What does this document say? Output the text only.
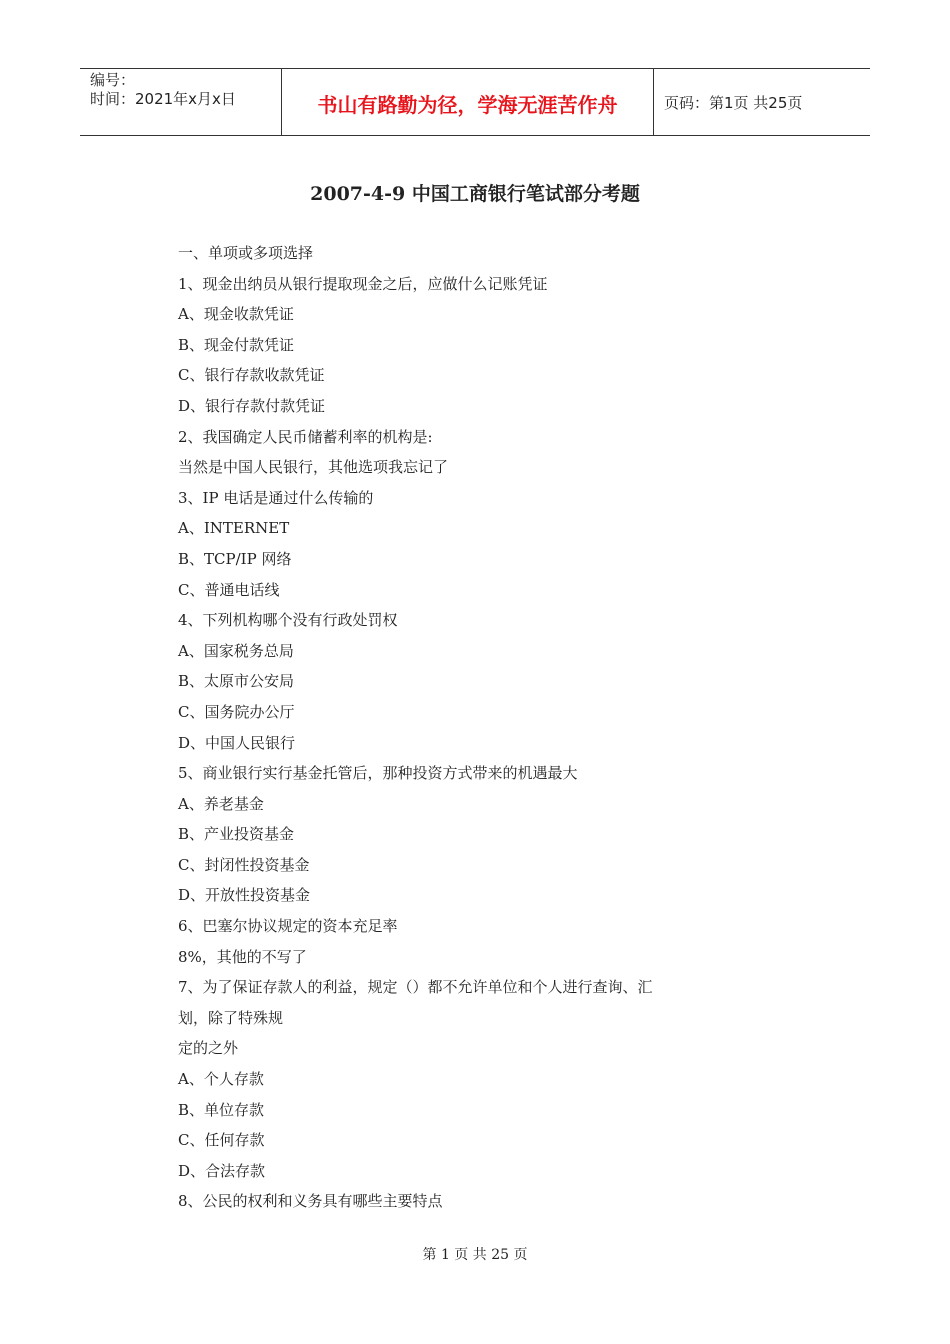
编号：
时间：2021年x月x日	书山有路勤为径，学海无涯苦作舟	页码：第1页 共25页
2007-4-9 中国工商银行笔试部分考题
一、单项或多项选择
1、现金出纳员从银行提取现金之后，应做什么记账凭证
A、现金收款凭证
B、现金付款凭证
C、银行存款收款凭证
D、银行存款付款凭证
2、我国确定人民币储蓄利率的机构是:
当然是中国人民银行，其他选项我忘记了
3、IP 电话是通过什么传输的
A、INTERNET
B、TCP/IP 网络
C、普通电话线
4、下列机构哪个没有行政处罚权
A、国家税务总局
B、太原市公安局
C、国务院办公厅
D、中国人民银行
5、商业银行实行基金托管后，那种投资方式带来的机遇最大
A、养老基金
B、产业投资基金
C、封闭性投资基金
D、开放性投资基金
6、巴塞尔协议规定的资本充足率
8%，其他的不写了
7、为了保证存款人的利益，规定（）都不允许单位和个人进行查询、汇
划，除了特殊规
定的之外
A、个人存款
B、单位存款
C、任何存款
D、合法存款
8、公民的权利和义务具有哪些主要特点
第 1 页 共 25 页
